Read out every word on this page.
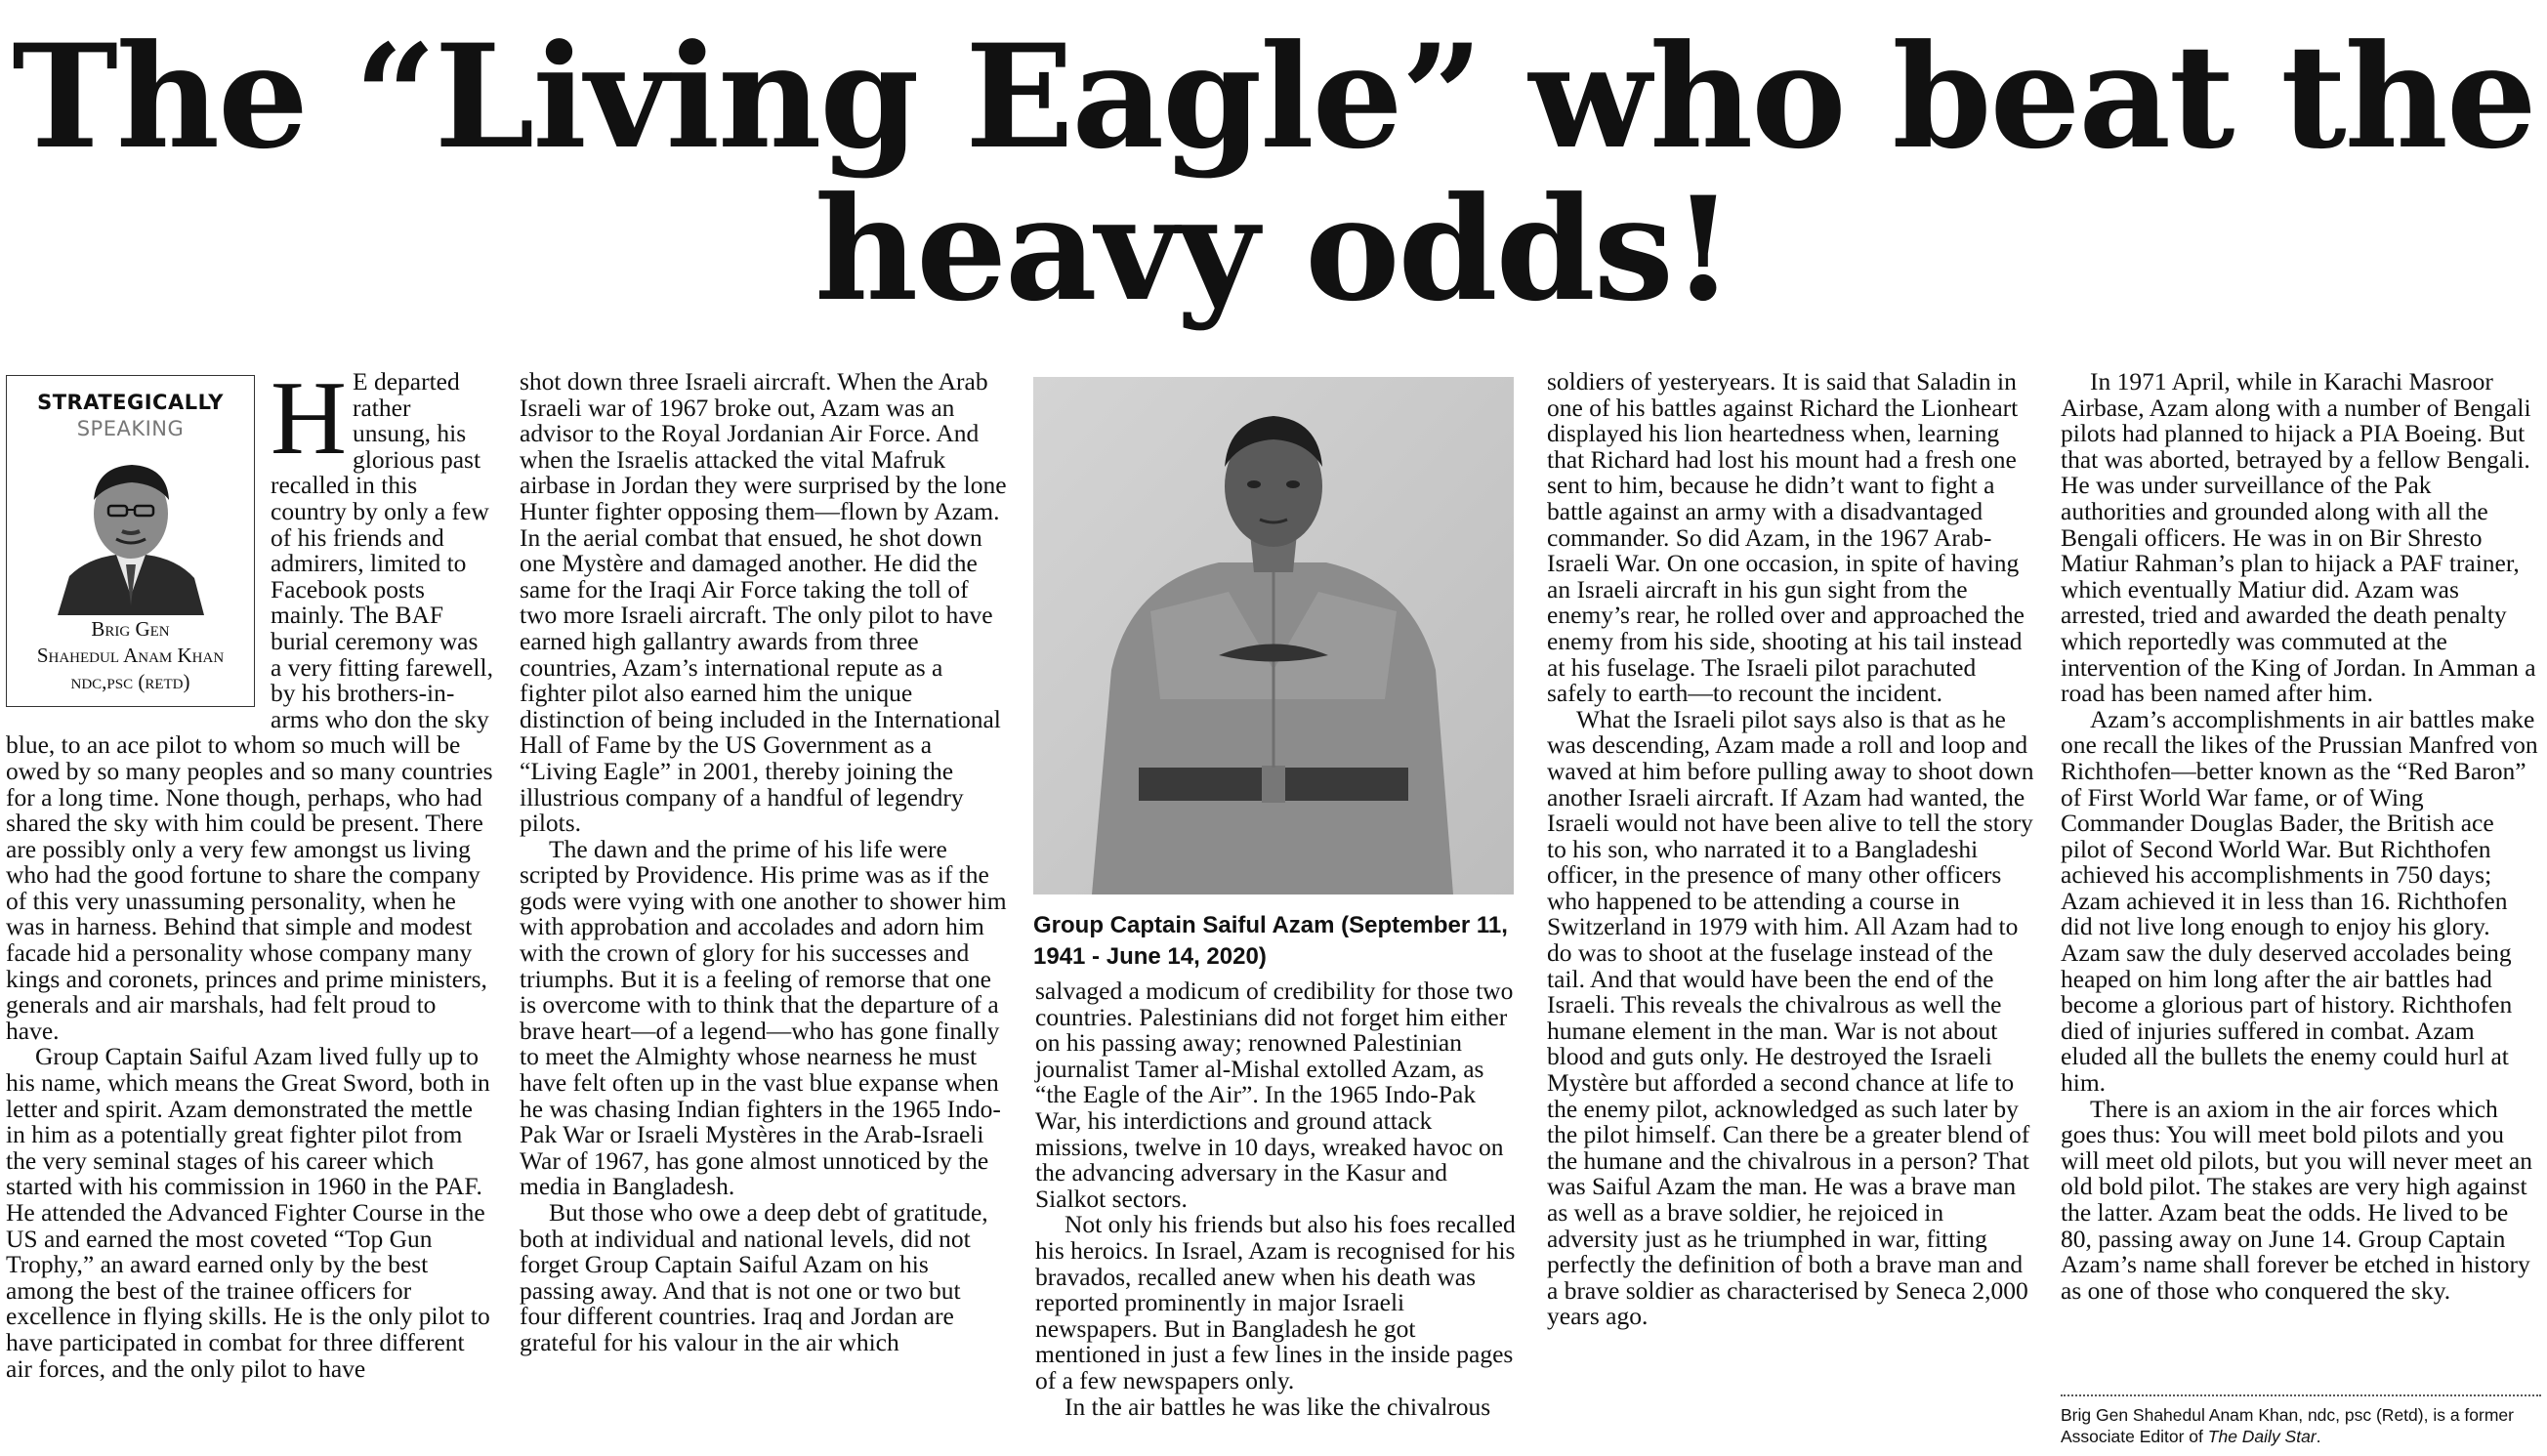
The “Living Eagle” who beat the heavy odds!
STRATEGICALLY
SPEAKING
Brig Gen
Shahedul Anam Khan
ndc,psc (retd)

H E departed rather unsung, his glorious past recalled in this country by only a few of his friends and admirers, limited to Facebook posts mainly. The BAF burial ceremony was a very fitting farewell, by his brothers-in-arms who don the sky blue, to an ace pilot to whom so much will be owed by so many peoples and so many countries for a long time. None though, perhaps, who had shared the sky with him could be present. There are possibly only a very few amongst us living who had the good fortune to share the company of this very unassuming personality, when he was in harness. Behind that simple and modest facade hid a personality whose company many kings and coronets, princes and prime ministers, generals and air marshals, had felt proud to have.

Group Captain Saiful Azam lived fully up to his name, which means the Great Sword, both in letter and spirit. Azam demonstrated the mettle in him as a potentially great fighter pilot from the very seminal stages of his career which started with his commission in 1960 in the PAF. He attended the Advanced Fighter Course in the US and earned the most coveted “Top Gun Trophy,” an award earned only by the best among the best of the trainee officers for excellence in flying skills. He is the only pilot to have participated in combat for three different air forces, and the only pilot to have

shot down three Israeli aircraft. When the Arab Israeli war of 1967 broke out, Azam was an advisor to the Royal Jordanian Air Force. And when the Israelis attacked the vital Mafruk airbase in Jordan they were surprised by the lone Hunter fighter opposing them—flown by Azam. In the aerial combat that ensued, he shot down one Mystère and damaged another. He did the same for the Iraqi Air Force taking the toll of two more Israeli aircraft. The only pilot to have earned high gallantry awards from three countries, Azam’s international repute as a fighter pilot also earned him the unique distinction of being included in the International Hall of Fame by the US Government as a “Living Eagle” in 2001, thereby joining the illustrious company of a handful of legendry pilots.

The dawn and the prime of his life were scripted by Providence. His prime was as if the gods were vying with one another to shower him with approbation and accolades and adorn him with the crown of glory for his successes and triumphs. But it is a feeling of remorse that one is overcome with to think that the departure of a brave heart—of a legend—who has gone finally to meet the Almighty whose nearness he must have felt often up in the vast blue expanse when he was chasing Indian fighters in the 1965 Indo-Pak War or Israeli Mystères in the Arab-Israeli War of 1967, has gone almost unnoticed by the media in Bangladesh.

But those who owe a deep debt of gratitude, both at individual and national levels, did not forget Group Captain Saiful Azam on his passing away. And that is not one or two but four different countries. Iraq and Jordan are grateful for his valour in the air which

Group Captain Saiful Azam (September 11, 1941 - June 14, 2020)

salvaged a modicum of credibility for those two countries. Palestinians did not forget him either on his passing away; renowned Palestinian journalist Tamer al-Mishal extolled Azam, as “the Eagle of the Air”. In the 1965 Indo-Pak War, his interdictions and ground attack missions, twelve in 10 days, wreaked havoc on the advancing adversary in the Kasur and Sialkot sectors.

Not only his friends but also his foes recalled his heroics. In Israel, Azam is recognised for his bravados, recalled anew when his death was reported prominently in major Israeli newspapers. But in Bangladesh he got mentioned in just a few lines in the inside pages of a few newspapers only.

In the air battles he was like the chivalrous

soldiers of yesteryears. It is said that Saladin in one of his battles against Richard the Lionheart displayed his lion heartedness when, learning that Richard had lost his mount had a fresh one sent to him, because he didn’t want to fight a battle against an army with a disadvantaged commander. So did Azam, in the 1967 Arab-Israeli War. On one occasion, in spite of having an Israeli aircraft in his gun sight from the enemy’s rear, he rolled over and approached the enemy from his side, shooting at his tail instead at his fuselage. The Israeli pilot parachuted safely to earth—to recount the incident.

What the Israeli pilot says also is that as he was descending, Azam made a roll and loop and waved at him before pulling away to shoot down another Israeli aircraft. If Azam had wanted, the Israeli would not have been alive to tell the story to his son, who narrated it to a Bangladeshi officer, in the presence of many other officers who happened to be attending a course in Switzerland in 1979 with him. All Azam had to do was to shoot at the fuselage instead of the tail. And that would have been the end of the Israeli. This reveals the chivalrous as well the humane element in the man. War is not about blood and guts only. He destroyed the Israeli Mystère but afforded a second chance at life to the enemy pilot, acknowledged as such later by the pilot himself. Can there be a greater blend of the humane and the chivalrous in a person? That was Saiful Azam the man. He was a brave man as well as a brave soldier, he rejoiced in adversity just as he triumphed in war, fitting perfectly the definition of both a brave man and a brave soldier as characterised by Seneca 2,000 years ago.

In 1971 April, while in Karachi Masroor Airbase, Azam along with a number of Bengali pilots had planned to hijack a PIA Boeing. But that was aborted, betrayed by a fellow Bengali. He was under surveillance of the Pak authorities and grounded along with all the Bengali officers. He was in on Bir Shresto Matiur Rahman’s plan to hijack a PAF trainer, which eventually Matiur did. Azam was arrested, tried and awarded the death penalty which reportedly was commuted at the intervention of the King of Jordan. In Amman a road has been named after him.

Azam’s accomplishments in air battles make one recall the likes of the Prussian Manfred von Richthofen—better known as the “Red Baron” of First World War fame, or of Wing Commander Douglas Bader, the British ace pilot of Second World War. But Richthofen achieved his accomplishments in 750 days; Azam achieved it in less than 16. Richthofen did not live long enough to enjoy his glory. Azam saw the duly deserved accolades being heaped on him long after the air battles had become a glorious part of history. Richthofen died of injuries suffered in combat. Azam eluded all the bullets the enemy could hurl at him.

There is an axiom in the air forces which goes thus: You will meet bold pilots and you will meet old pilots, but you will never meet an old bold pilot. The stakes are very high against the latter. Azam beat the odds. He lived to be 80, passing away on June 14. Group Captain Azam’s name shall forever be etched in history as one of those who conquered the sky.

Brig Gen Shahedul Anam Khan, ndc, psc (Retd), is a former Associate Editor of The Daily Star.
